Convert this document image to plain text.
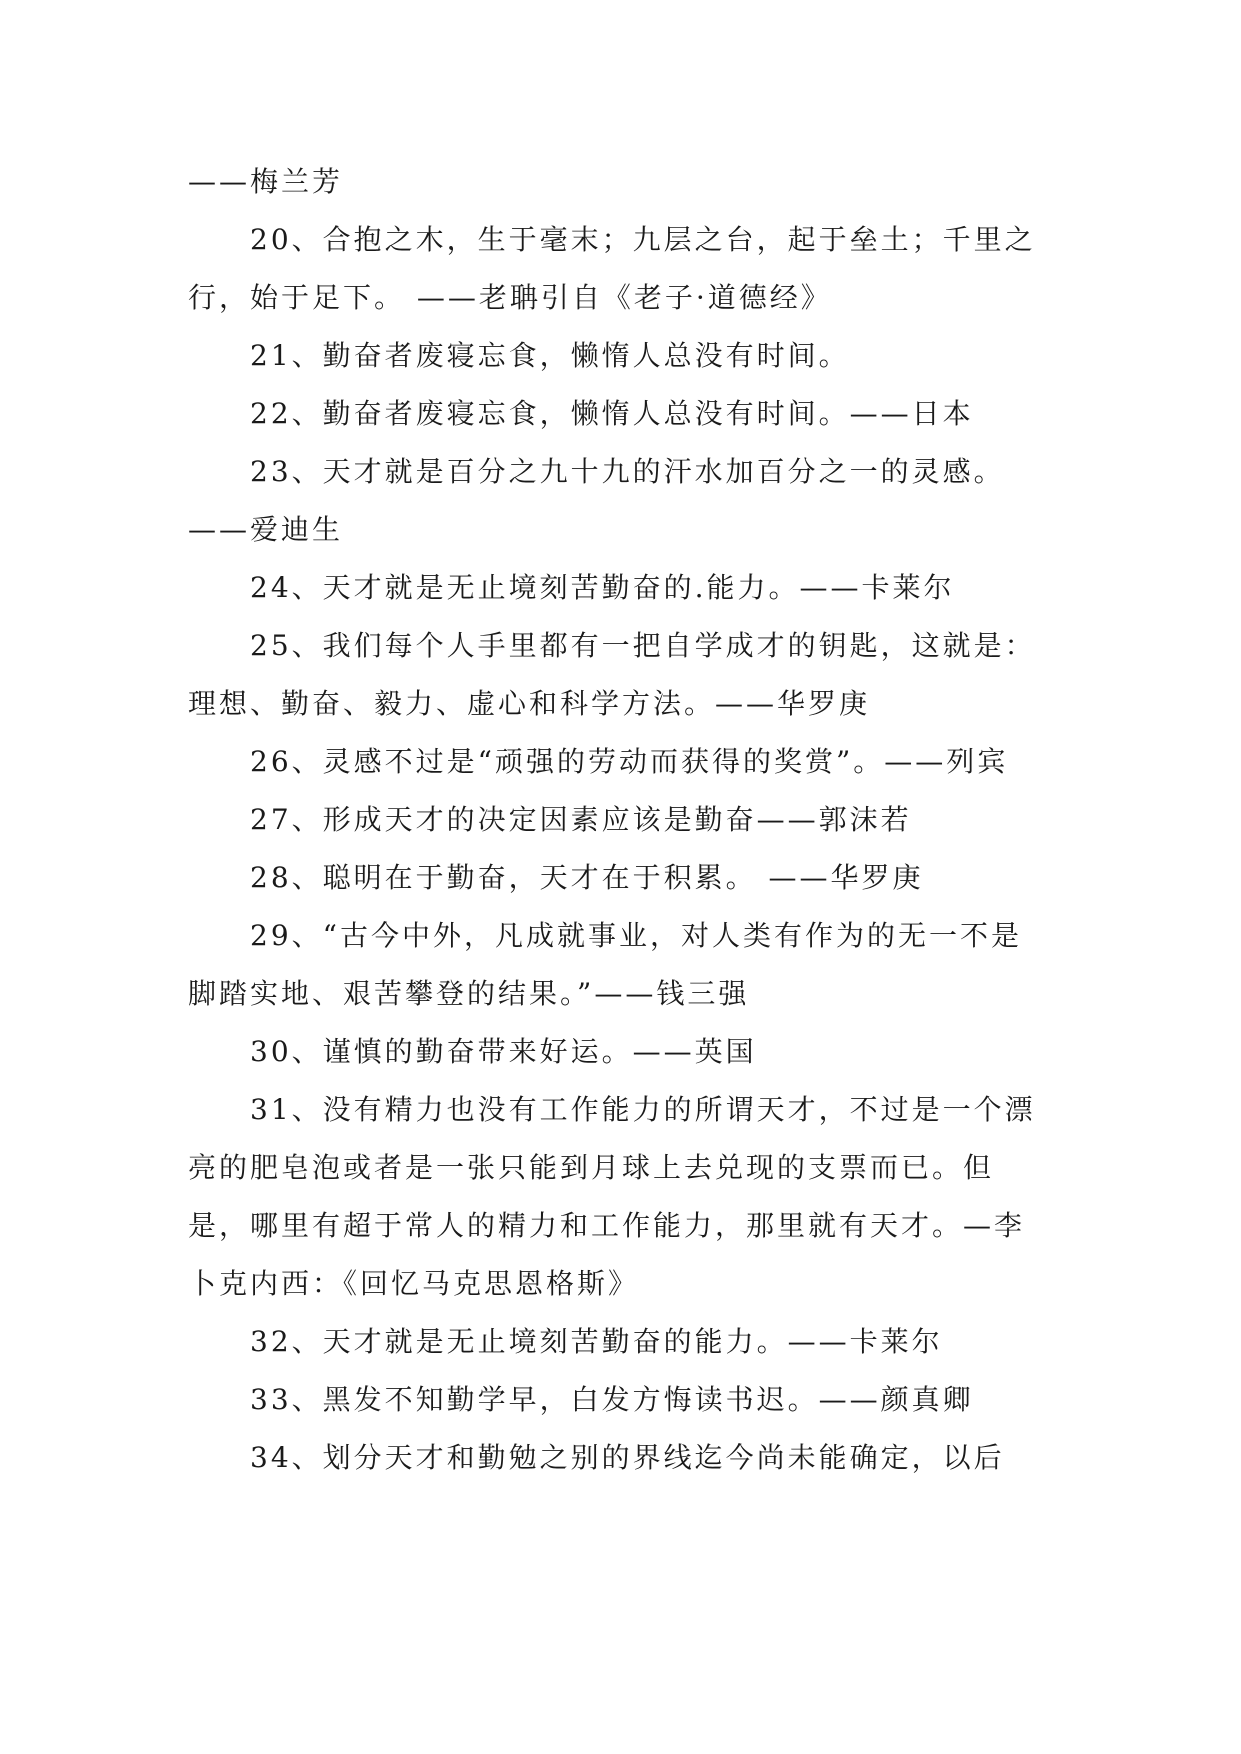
——梅兰芳

20、合抱之木，生于毫末；九层之台，起于垒土；千里之行，始于足下。 ——老聃引自《老子·道德经》

21、勤奋者废寝忘食，懒惰人总没有时间。

22、勤奋者废寝忘食，懒惰人总没有时间。——日本

23、天才就是百分之九十九的汗水加百分之一的灵感。——爱迪生

24、天才就是无止境刻苦勤奋的.能力。——卡莱尔

25、我们每个人手里都有一把自学成才的钥匙，这就是：理想、勤奋、毅力、虚心和科学方法。——华罗庚

26、灵感不过是“顽强的劳动而获得的奖赏”。——列宾

27、形成天才的决定因素应该是勤奋——郭沫若

28、聪明在于勤奋，天才在于积累。 ——华罗庚

29、“古今中外，凡成就事业，对人类有作为的无一不是脚踏实地、艰苦攀登的结果。”——钱三强

30、谨慎的勤奋带来好运。——英国

31、没有精力也没有工作能力的所谓天才，不过是一个漂亮的肥皂泡或者是一张只能到月球上去兑现的支票而已。但是，哪里有超于常人的精力和工作能力，那里就有天才。—李卜克内西：《回忆马克思恩格斯》

32、天才就是无止境刻苦勤奋的能力。——卡莱尔

33、黑发不知勤学早，白发方悔读书迟。——颜真卿

34、划分天才和勤勉之别的界线迄今尚未能确定，以后
